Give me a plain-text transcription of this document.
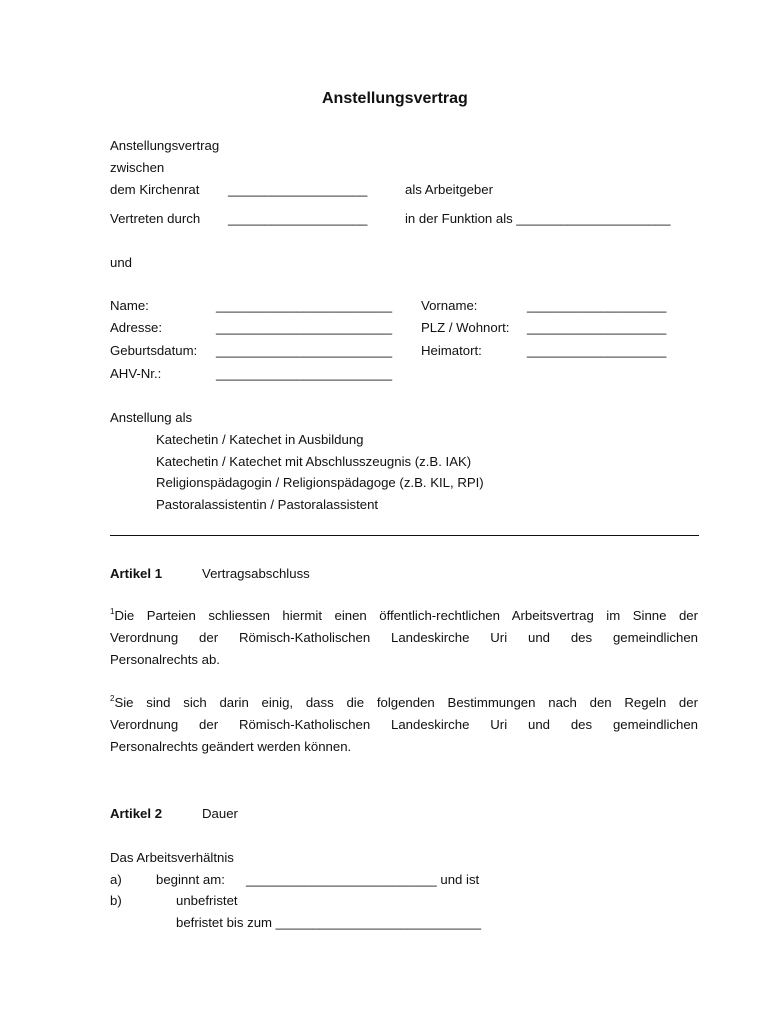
Anstellungsvertrag
Anstellungsvertrag
zwischen
dem Kirchenrat ___________________	als Arbeitgeber
Vertreten durch ___________________	in der Funktion als _____________________
und
Name:	________________________ Vorname:	___________________
Adresse:	________________________ PLZ / Wohnort: ___________________
Geburtsdatum: ________________________ Heimatort:	___________________
AHV-Nr.:	________________________
Anstellung als
Katechetin / Katechet in Ausbildung
Katechetin / Katechet mit Abschlusszeugnis (z.B. IAK)
Religionspädagogin / Religionspädagoge (z.B. KIL, RPI)
Pastoralassistentin / Pastoralassistent
Artikel 1	Vertragsabschluss
$^1$Die Parteien schliessen hiermit einen öffentlich-rechtlichen Arbeitsvertrag im Sinne der
Verordnung der Römisch-Katholischen Landeskirche Uri und des gemeindlichen
Personalrechts ab.
$^2$Sie sind sich darin einig, dass die folgenden Bestimmungen nach den Regeln der
Verordnung der Römisch-Katholischen Landeskirche Uri und des gemeindlichen
Personalrechts geändert werden können.
Artikel 2	Dauer
Das Arbeitsverhältnis
a)	beginnt am: __________________________ und ist
b)	unbefristet
befristet bis zum ____________________________
